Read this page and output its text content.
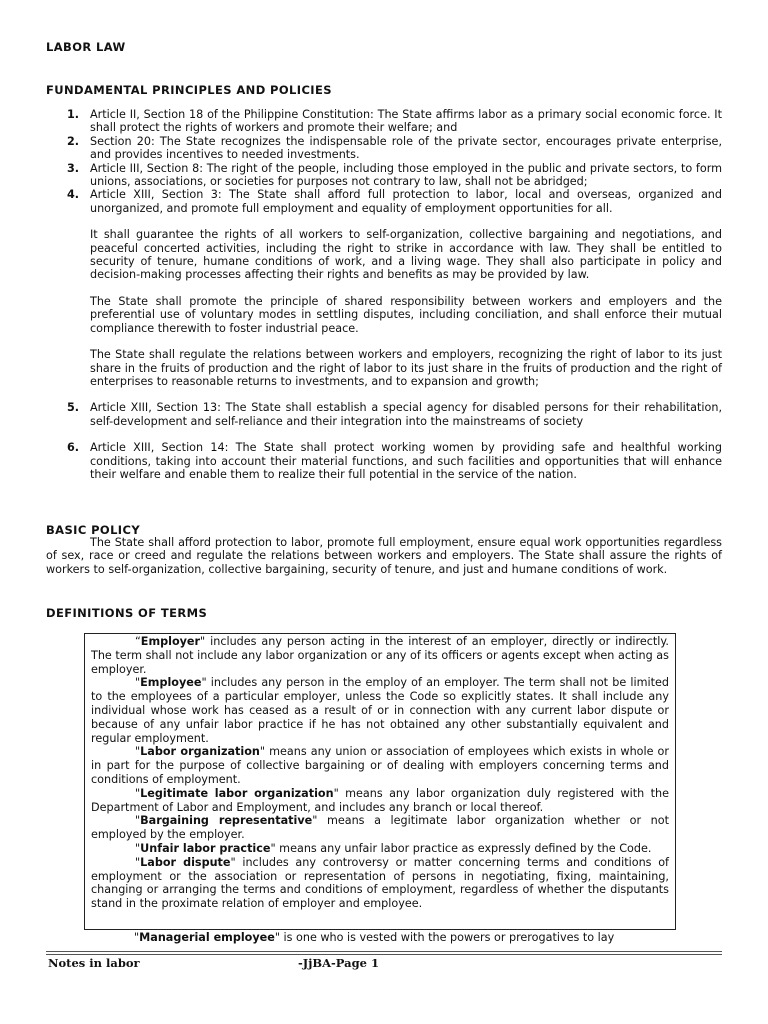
LABOR LAW
FUNDAMENTAL PRINCIPLES AND POLICIES
1. Article II, Section 18 of the Philippine Constitution: The State affirms labor as a primary social economic force. It shall protect the rights of workers and promote their welfare; and

2. Section 20: The State recognizes the indispensable role of the private sector, encourages private enterprise, and provides incentives to needed investments.

3. Article III, Section 8: The right of the people, including those employed in the public and private sectors, to form unions, associations, or societies for purposes not contrary to law, shall not be abridged;

4. Article XIII, Section 3: The State shall afford full protection to labor, local and overseas, organized and unorganized, and promote full employment and equality of employment opportunities for all.

It shall guarantee the rights of all workers to self-organization, collective bargaining and negotiations, and peaceful concerted activities, including the right to strike in accordance with law. They shall be entitled to security of tenure, humane conditions of work, and a living wage. They shall also participate in policy and decision-making processes affecting their rights and benefits as may be provided by law.

The State shall promote the principle of shared responsibility between workers and employers and the preferential use of voluntary modes in settling disputes, including conciliation, and shall enforce their mutual compliance therewith to foster industrial peace.

The State shall regulate the relations between workers and employers, recognizing the right of labor to its just share in the fruits of production and the right of labor to its just share in the fruits of production and the right of enterprises to reasonable returns to investments, and to expansion and growth;

5. Article XIII, Section 13: The State shall establish a special agency for disabled persons for their rehabilitation, self-development and self-reliance and their integration into the mainstreams of society

6. Article XIII, Section 14: The State shall protect working women by providing safe and healthful working conditions, taking into account their material functions, and such facilities and opportunities that will enhance their welfare and enable them to realize their full potential in the service of the nation.

BASIC POLICY

The State shall afford protection to labor, promote full employment, ensure equal work opportunities regardless of sex, race or creed and regulate the relations between workers and employers. The State shall assure the rights of workers to self-organization, collective bargaining, security of tenure, and just and humane conditions of work.

DEFINITIONS OF TERMS

“Employer" includes any person acting in the interest of an employer, directly or indirectly. The term shall not include any labor organization or any of its officers or agents except when acting as employer.

"Employee" includes any person in the employ of an employer. The term shall not be limited to the employees of a particular employer, unless the Code so explicitly states. It shall include any individual whose work has ceased as a result of or in connection with any current labor dispute or because of any unfair labor practice if he has not obtained any other substantially equivalent and regular employment.

"Labor organization" means any union or association of employees which exists in whole or in part for the purpose of collective bargaining or of dealing with employers concerning terms and conditions of employment.

"Legitimate labor organization" means any labor organization duly registered with the Department of Labor and Employment, and includes any branch or local thereof.

"Bargaining representative" means a legitimate labor organization whether or not employed by the employer.

"Unfair labor practice" means any unfair labor practice as expressly defined by the Code.

"Labor dispute" includes any controversy or matter concerning terms and conditions of employment or the association or representation of persons in negotiating, fixing, maintaining, changing or arranging the terms and conditions of employment, regardless of whether the disputants stand in the proximate relation of employer and employee.

"Managerial employee" is one who is vested with the powers or prerogatives to lay

Notes in labor	-JjBA-Page 1
